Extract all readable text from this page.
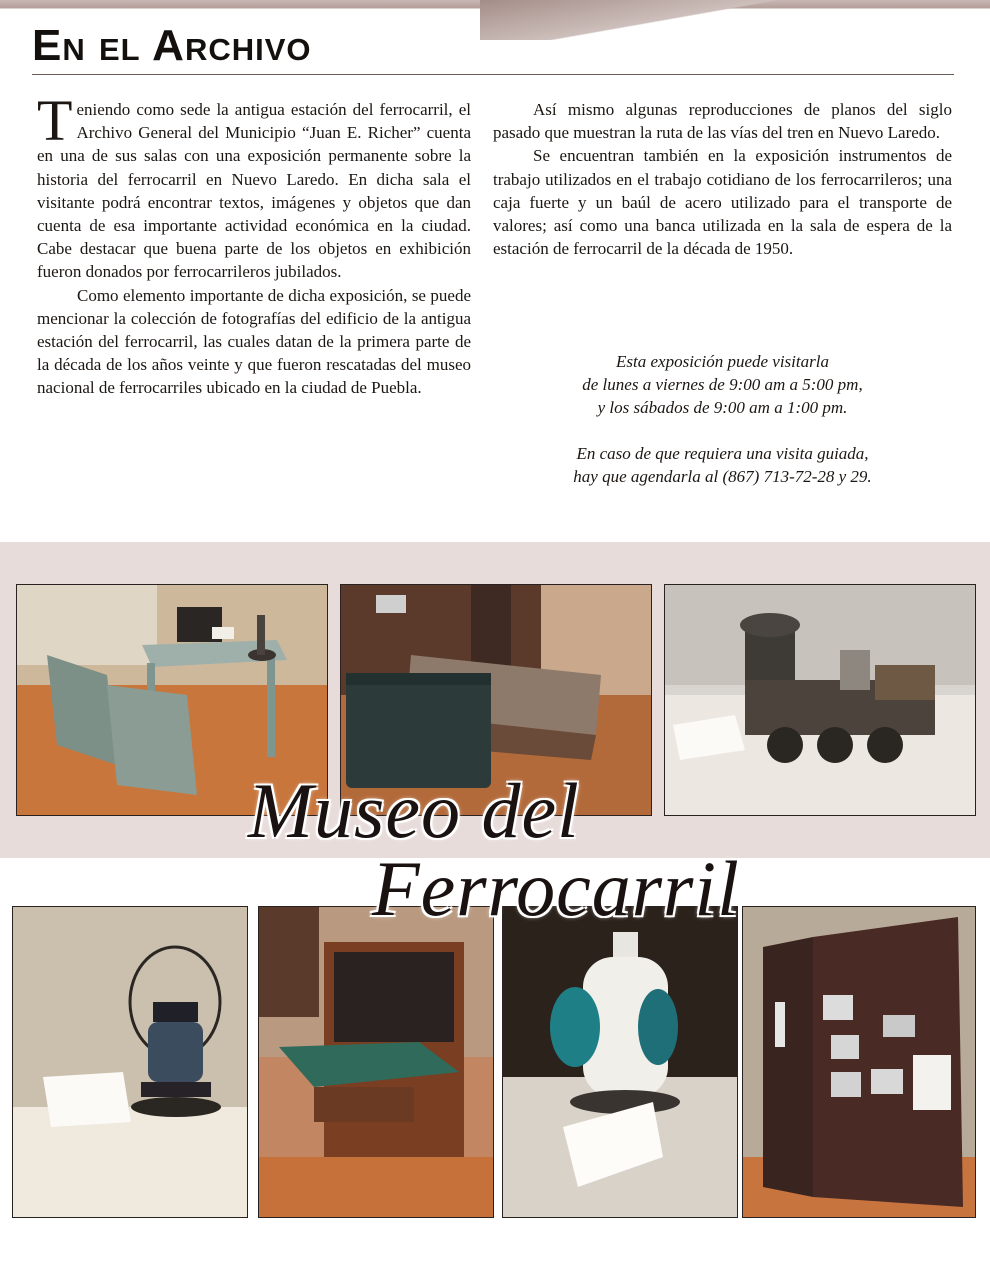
En el Archivo

Teniendo como sede la antigua estación del ferrocarril, el Archivo General del Municipio “Juan E. Richer” cuenta en una de sus salas con una exposición permanente sobre la historia del ferrocarril en Nuevo Laredo. En dicha sala el visitante podrá encontrar textos, imágenes y objetos que dan cuenta de esa importante actividad económica en la ciudad. Cabe destacar que buena parte de los objetos en exhibición fueron donados por ferrocarrileros jubilados.

Como elemento importante de dicha exposición, se puede mencionar la colección de fotografías del edificio de la antigua estación del ferrocarril, las cuales datan de la primera parte de la década de los años veinte y que fueron rescatadas del museo nacional de ferrocarriles ubicado en la ciudad de Puebla.

Así mismo algunas reproducciones de planos del siglo pasado que muestran la ruta de las vías del tren en Nuevo Laredo.

Se encuentran también en la exposición instrumentos de trabajo utilizados en el trabajo cotidiano de los ferrocarrileros; una caja fuerte y un baúl de acero utilizado para el transporte de valores; así como una banca utilizada en la sala de espera de la estación de ferrocarril de la década de 1950.

Esta exposición puede visitarla

de lunes a viernes de 9:00 am a 5:00 pm,

y los sábados de 9:00 am a 1:00 pm.

En caso de que requiera una visita guiada,

hay que agendarla al (867) 713-72-28 y 29.

Museo del
Ferrocarril
